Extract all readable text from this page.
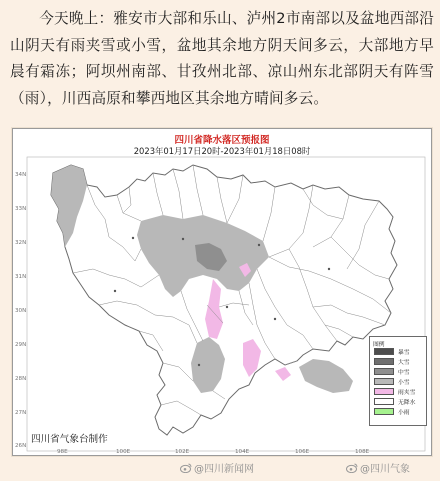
今天晚上：雅安市大部和乐山、泸州2市南部以及盆地西部沿山阴天有雨夹雪或小雪，盆地其余地方阴天间多云，大部地方早晨有霜冻；阿坝州南部、甘孜州北部、凉山州东北部阴天有阵雪（雨），川西高原和攀西地区其余地方晴间多云。

34N
33N
32N
31N
30N
29N
28N
27N
26N
98E	100E	102E	104E	106E	108E
四川省降水落区预报图
2023年01月17日20时-2023年01月18日08时
图例
暴雪
大雪
中雪
小雪
雨夹雪
无降水
小雨
四川省气象台制作
@四川新闻网	@四川气象
